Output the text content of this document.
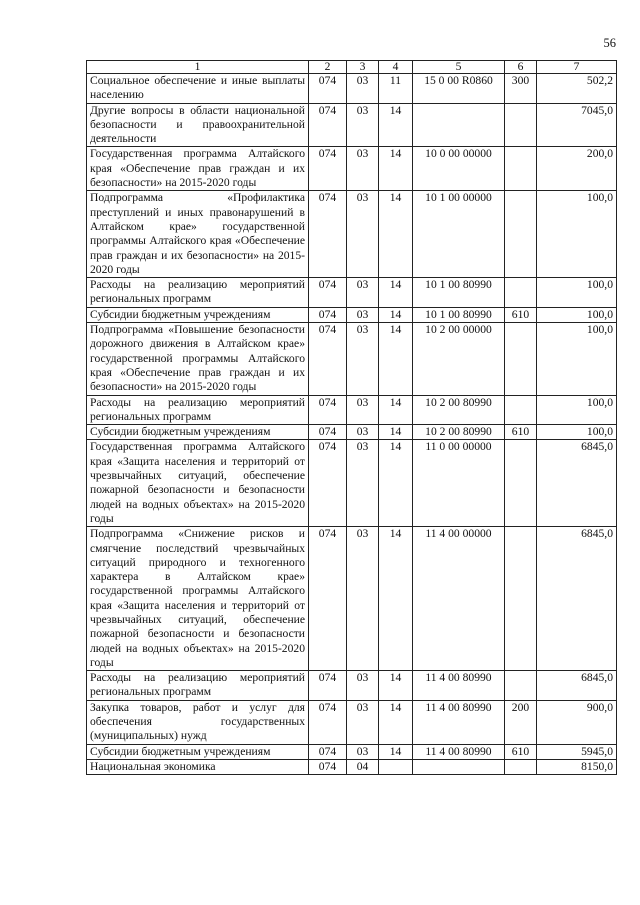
56
1	2	3	4	5	6	7
Социальное обеспечение и иные выплаты населению	074	03	11	15 0 00 R0860	300	502,2
Другие вопросы в области национальной безопасности и правоохранительной деятельности	074	03	14			7045,0
Государственная программа Алтайского края «Обеспечение прав граждан и их безопасности» на 2015-2020 годы	074	03	14	10 0 00 00000		200,0
Подпрограмма «Профилактика преступлений и иных правонарушений в Алтайском крае» государственной программы Алтайского края «Обеспечение прав граждан и их безопасности» на 2015-2020 годы	074	03	14	10 1 00 00000		100,0
Расходы на реализацию мероприятий региональных программ	074	03	14	10 1 00 80990		100,0
Субсидии бюджетным учреждениям	074	03	14	10 1 00 80990	610	100,0
Подпрограмма «Повышение безопасности дорожного движения в Алтайском крае» государственной программы Алтайского края «Обеспечение прав граждан и их безопасности» на 2015-2020 годы	074	03	14	10 2 00 00000		100,0
Расходы на реализацию мероприятий региональных программ	074	03	14	10 2 00 80990		100,0
Субсидии бюджетным учреждениям	074	03	14	10 2 00 80990	610	100,0
Государственная программа Алтайского края «Защита населения и территорий от чрезвычайных ситуаций, обеспечение пожарной безопасности и безопасности людей на водных объектах» на 2015-2020 годы	074	03	14	11 0 00 00000		6845,0
Подпрограмма «Снижение рисков и смягчение последствий чрезвычайных ситуаций природного и техногенного характера в Алтайском крае» государственной программы Алтайского края «Защита населения и территорий от чрезвычайных ситуаций, обеспечение пожарной безопасности и безопасности людей на водных объектах» на 2015-2020 годы	074	03	14	11 4 00 00000		6845,0
Расходы на реализацию мероприятий региональных программ	074	03	14	11 4 00 80990		6845,0
Закупка товаров, работ и услуг для обеспечения государственных (муниципальных) нужд	074	03	14	11 4 00 80990	200	900,0
Субсидии бюджетным учреждениям	074	03	14	11 4 00 80990	610	5945,0
Национальная экономика	074	04				8150,0
